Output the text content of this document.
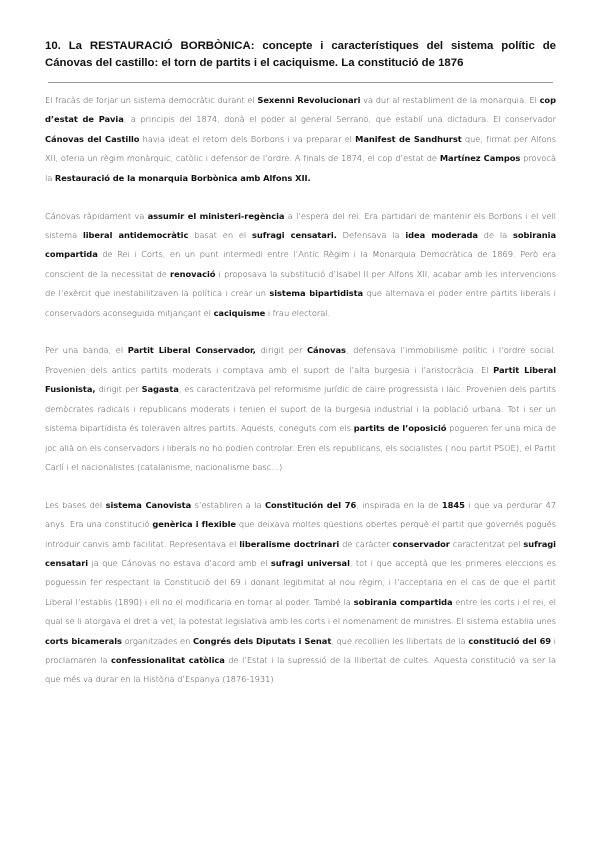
10. La RESTAURACIÓ BORBÒNICA: concepte i característiques del sistema polític de Cánovas del castillo: el torn de partits i el caciquisme. La constitució de 1876

El fracàs de forjar un sistema democràtic durant el Sexenni Revolucionari va dur al restabliment de la monarquia. El cop d’estat de Pavia, a principis del 1874, donà el poder al general Serrano, que establí una dictadura. El conservador Cánovas del Castillo havia ideat el retorn dels Borbons i va preparar el Manifest de Sandhurst que, firmat per Alfons XII, oferia un règim monàrquic, catòlic i defensor de l’ordre. A finals de 1874, el cop d’estat de Martínez Campos provocà la Restauració de la monarquia Borbònica amb Alfons XII.

Cánovas ràpidament va assumir el ministeri-regència a l’espera del rei. Era partidari de mantenir els Borbons i el vell sistema liberal antidemocràtic basat en el sufragi censatari. Defensava la idea moderada de la sobirania compartida de Rei i Corts, en un punt intermedi entre l’Antic Règim i la Monarquia Democràtica de 1869. Però era conscient de la necessitat de renovació i proposava la substitució d’Isabel II per Alfons XII, acabar amb les intervencions de l’exèrcit que inestabilitzaven la política i crear un sistema bipartidista que alternava el poder entre partits liberals i conservadors aconseguida mitjançant el caciquisme i frau electoral.

Per una banda, el Partit Liberal Conservador, dirigit per Cánovas, defensava l’immobilisme polític i l’ordre social. Provenien dels antics partits moderats i comptava amb el suport de l’alta burgesia i l’aristocràcia. El Partit Liberal Fusionista, dirigit per Sagasta, es caracteritzava pel reformisme jurídic de caire progressista i laic. Provenien dels partits demòcrates radicals i republicans moderats i tenien el suport de la burgesia industrial i la població urbana. Tot i ser un sistema bipartidista és toleraven altres partits. Aquests, coneguts com els partits de l’oposició pogueren fer una mica de joc allà on els conservadors i liberals no ho podien controlar. Eren els republicans, els socialistes ( nou partit PSOE), el Partit Carlí i el nacionalistes (catalanisme, nacionalisme basc...)

Les bases del sistema Canovista s’establiren a la Constitución del 76, inspirada en la de 1845 i que va perdurar 47 anys. Era una constitució genèrica i flexible que deixava moltes qüestions obertes perquè el partit que governés pogués introduir canvis amb facilitat. Representava el liberalisme doctrinari de caràcter conservador caracteritzat pel sufragi censatari ja que Cánovas no estava d’acord amb el sufragi universal, tot i que acceptà que les primeres eleccions es poguessin fer respectant la Constitució del 69 i donant legitimitat al nou règim, i l’acceptaria en el cas de que el partit Liberal l’establis (1890) i ell no el modificaria en tornar al poder. També la sobirania compartida entre les corts i el rei, el qual se li atorgava el dret a vet, la potestat legislativa amb les corts i el nomenament de ministres. El sistema establia unes corts bicamerals organitzades en Congrés dels Diputats i Senat, que recollien les llibertats de la constitució del 69 i proclamaren la confessionalitat catòlica de l’Estat i la supressió de la llibertat de cultes. Aquesta constitució va ser la que més va durar en la Història d’Espanya (1876-1931)
